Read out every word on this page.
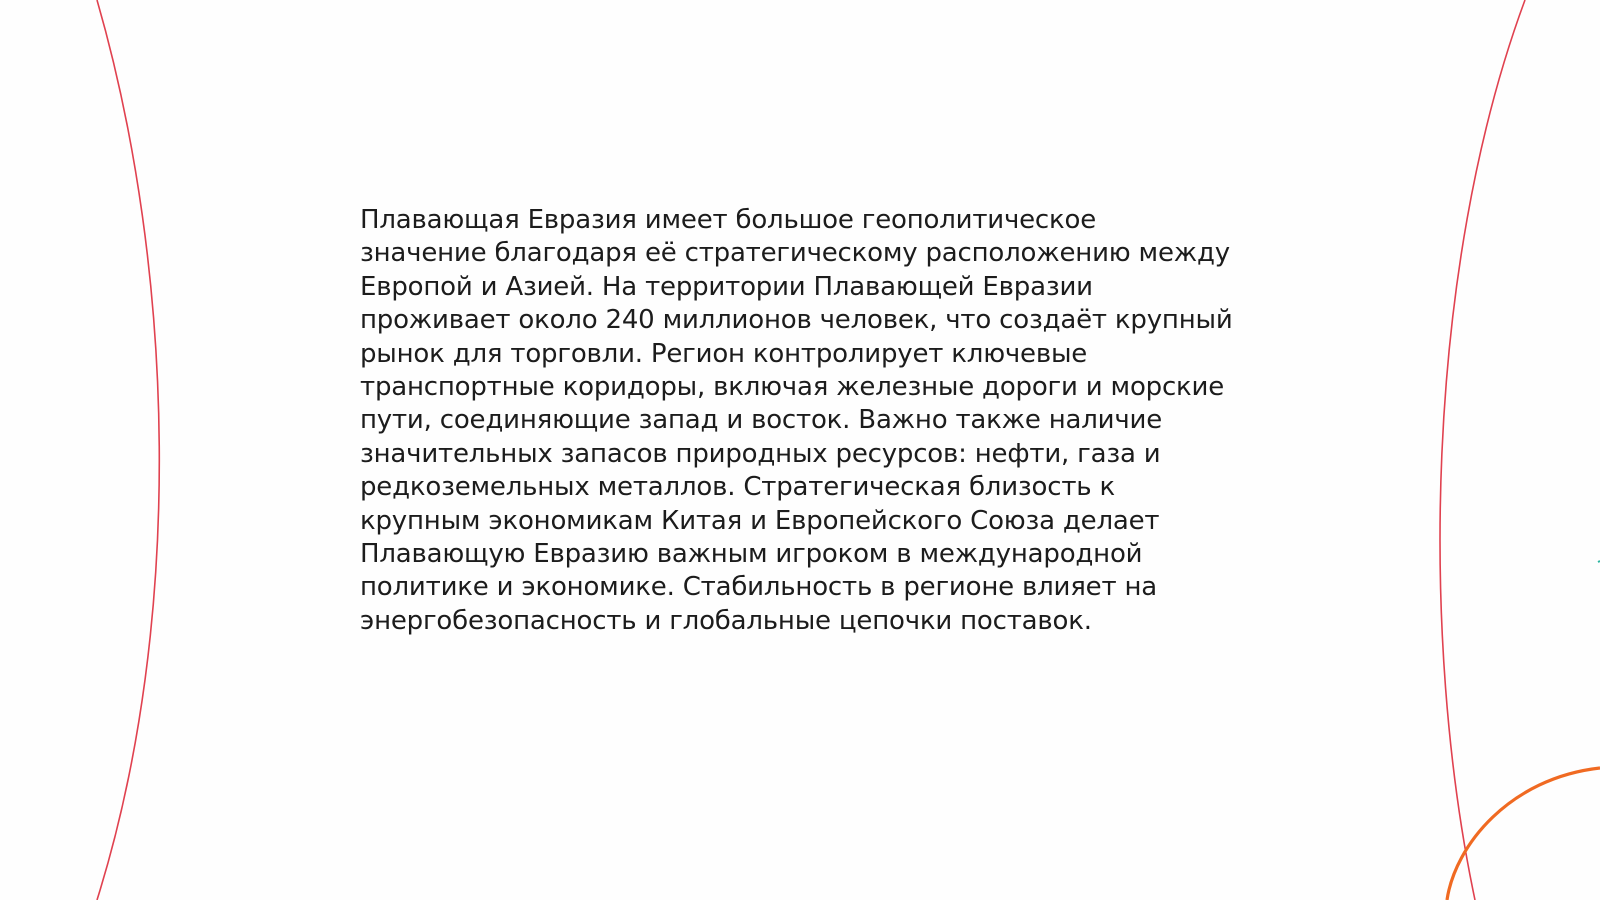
Плавающая Евразия имеет большое геополитическое
значение благодаря её стратегическому расположению между
Европой и Азией. На территории Плавающей Евразии
проживает около 240 миллионов человек, что создаёт крупный
рынок для торговли. Регион контролирует ключевые
транспортные коридоры, включая железные дороги и морские
пути, соединяющие запад и восток. Важно также наличие
значительных запасов природных ресурсов: нефти, газа и
редкоземельных металлов. Стратегическая близость к
крупным экономикам Китая и Европейского Союза делает
Плавающую Евразию важным игроком в международной
политике и экономике. Стабильность в регионе влияет на
энергобезопасность и глобальные цепочки поставок.
